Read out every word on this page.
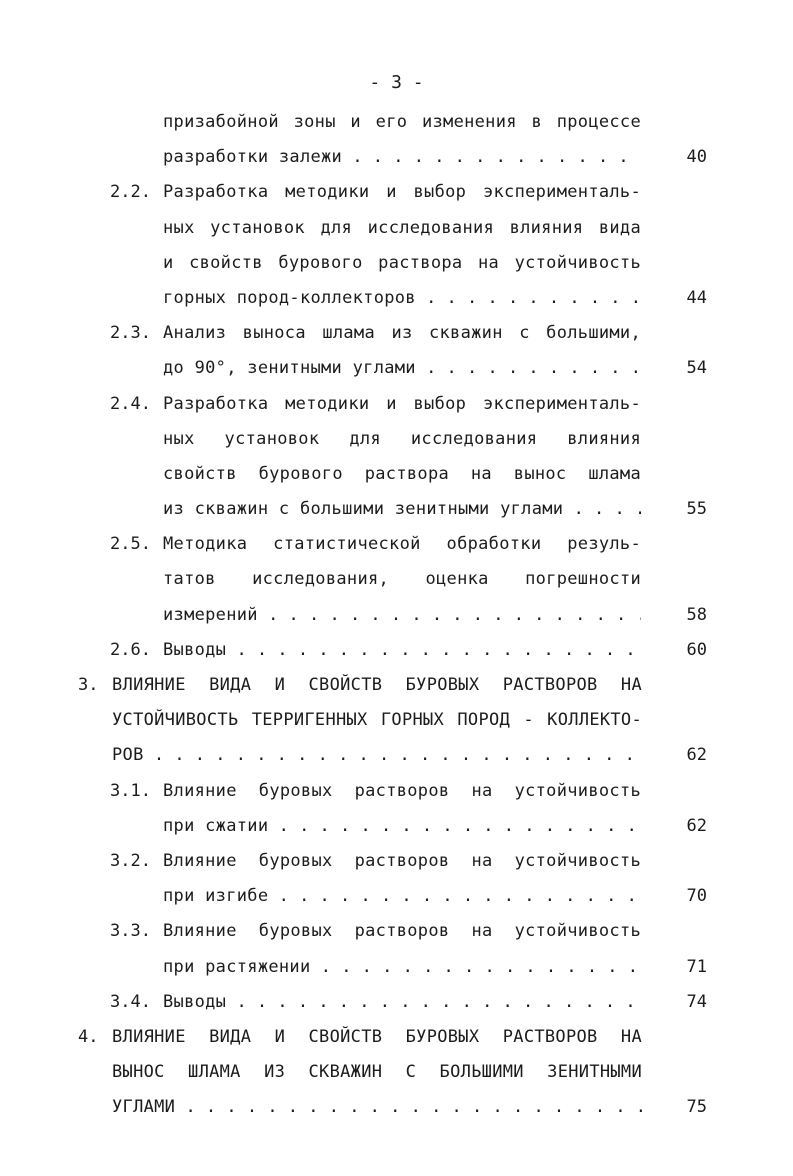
- 3 -
призабойной зоны и его изменения в процессе
разработки залежи . . .	40
2.2. Разработка методики и выбор эксперименталь-
ных установок для исследования влияния вида
и свойств бурового раствора на устойчивость
горных пород-коллекторов . . .	44
2.3. Анализ выноса шлама из скважин с большими,
до 90°, зенитными углами . . .	54
2.4. Разработка методики и выбор эксперименталь-
ных установок для исследования влияния
свойств бурового раствора на вынос шлама
из скважин с большими зенитными углами . . .	55
2.5. Методика статистической обработки резуль-
татов исследования, оценка погрешности
измерений . . .	58
2.6. Выводы . . .	60
3. ВЛИЯНИЕ ВИДА И СВОЙСТВ БУРОВЫХ РАСТВОРОВ НА
УСТОЙЧИВОСТЬ ТЕРРИГЕННЫХ ГОРНЫХ ПОРОД - КОЛЛЕКТО-
РОВ . . .	62
3.1. Влияние буровых растворов на устойчивость
при сжатии . . .	62
3.2. Влияние буровых растворов на устойчивость
при изгибе . . .	70
3.3. Влияние буровых растворов на устойчивость
при растяжении . . .	71
3.4. Выводы . . .	74
4. ВЛИЯНИЕ ВИДА И СВОЙСТВ БУРОВЫХ РАСТВОРОВ НА
ВЫНОС ШЛАМА ИЗ СКВАЖИН С БОЛЬШИМИ ЗЕНИТНЫМИ
УГЛАМИ . . .	75
